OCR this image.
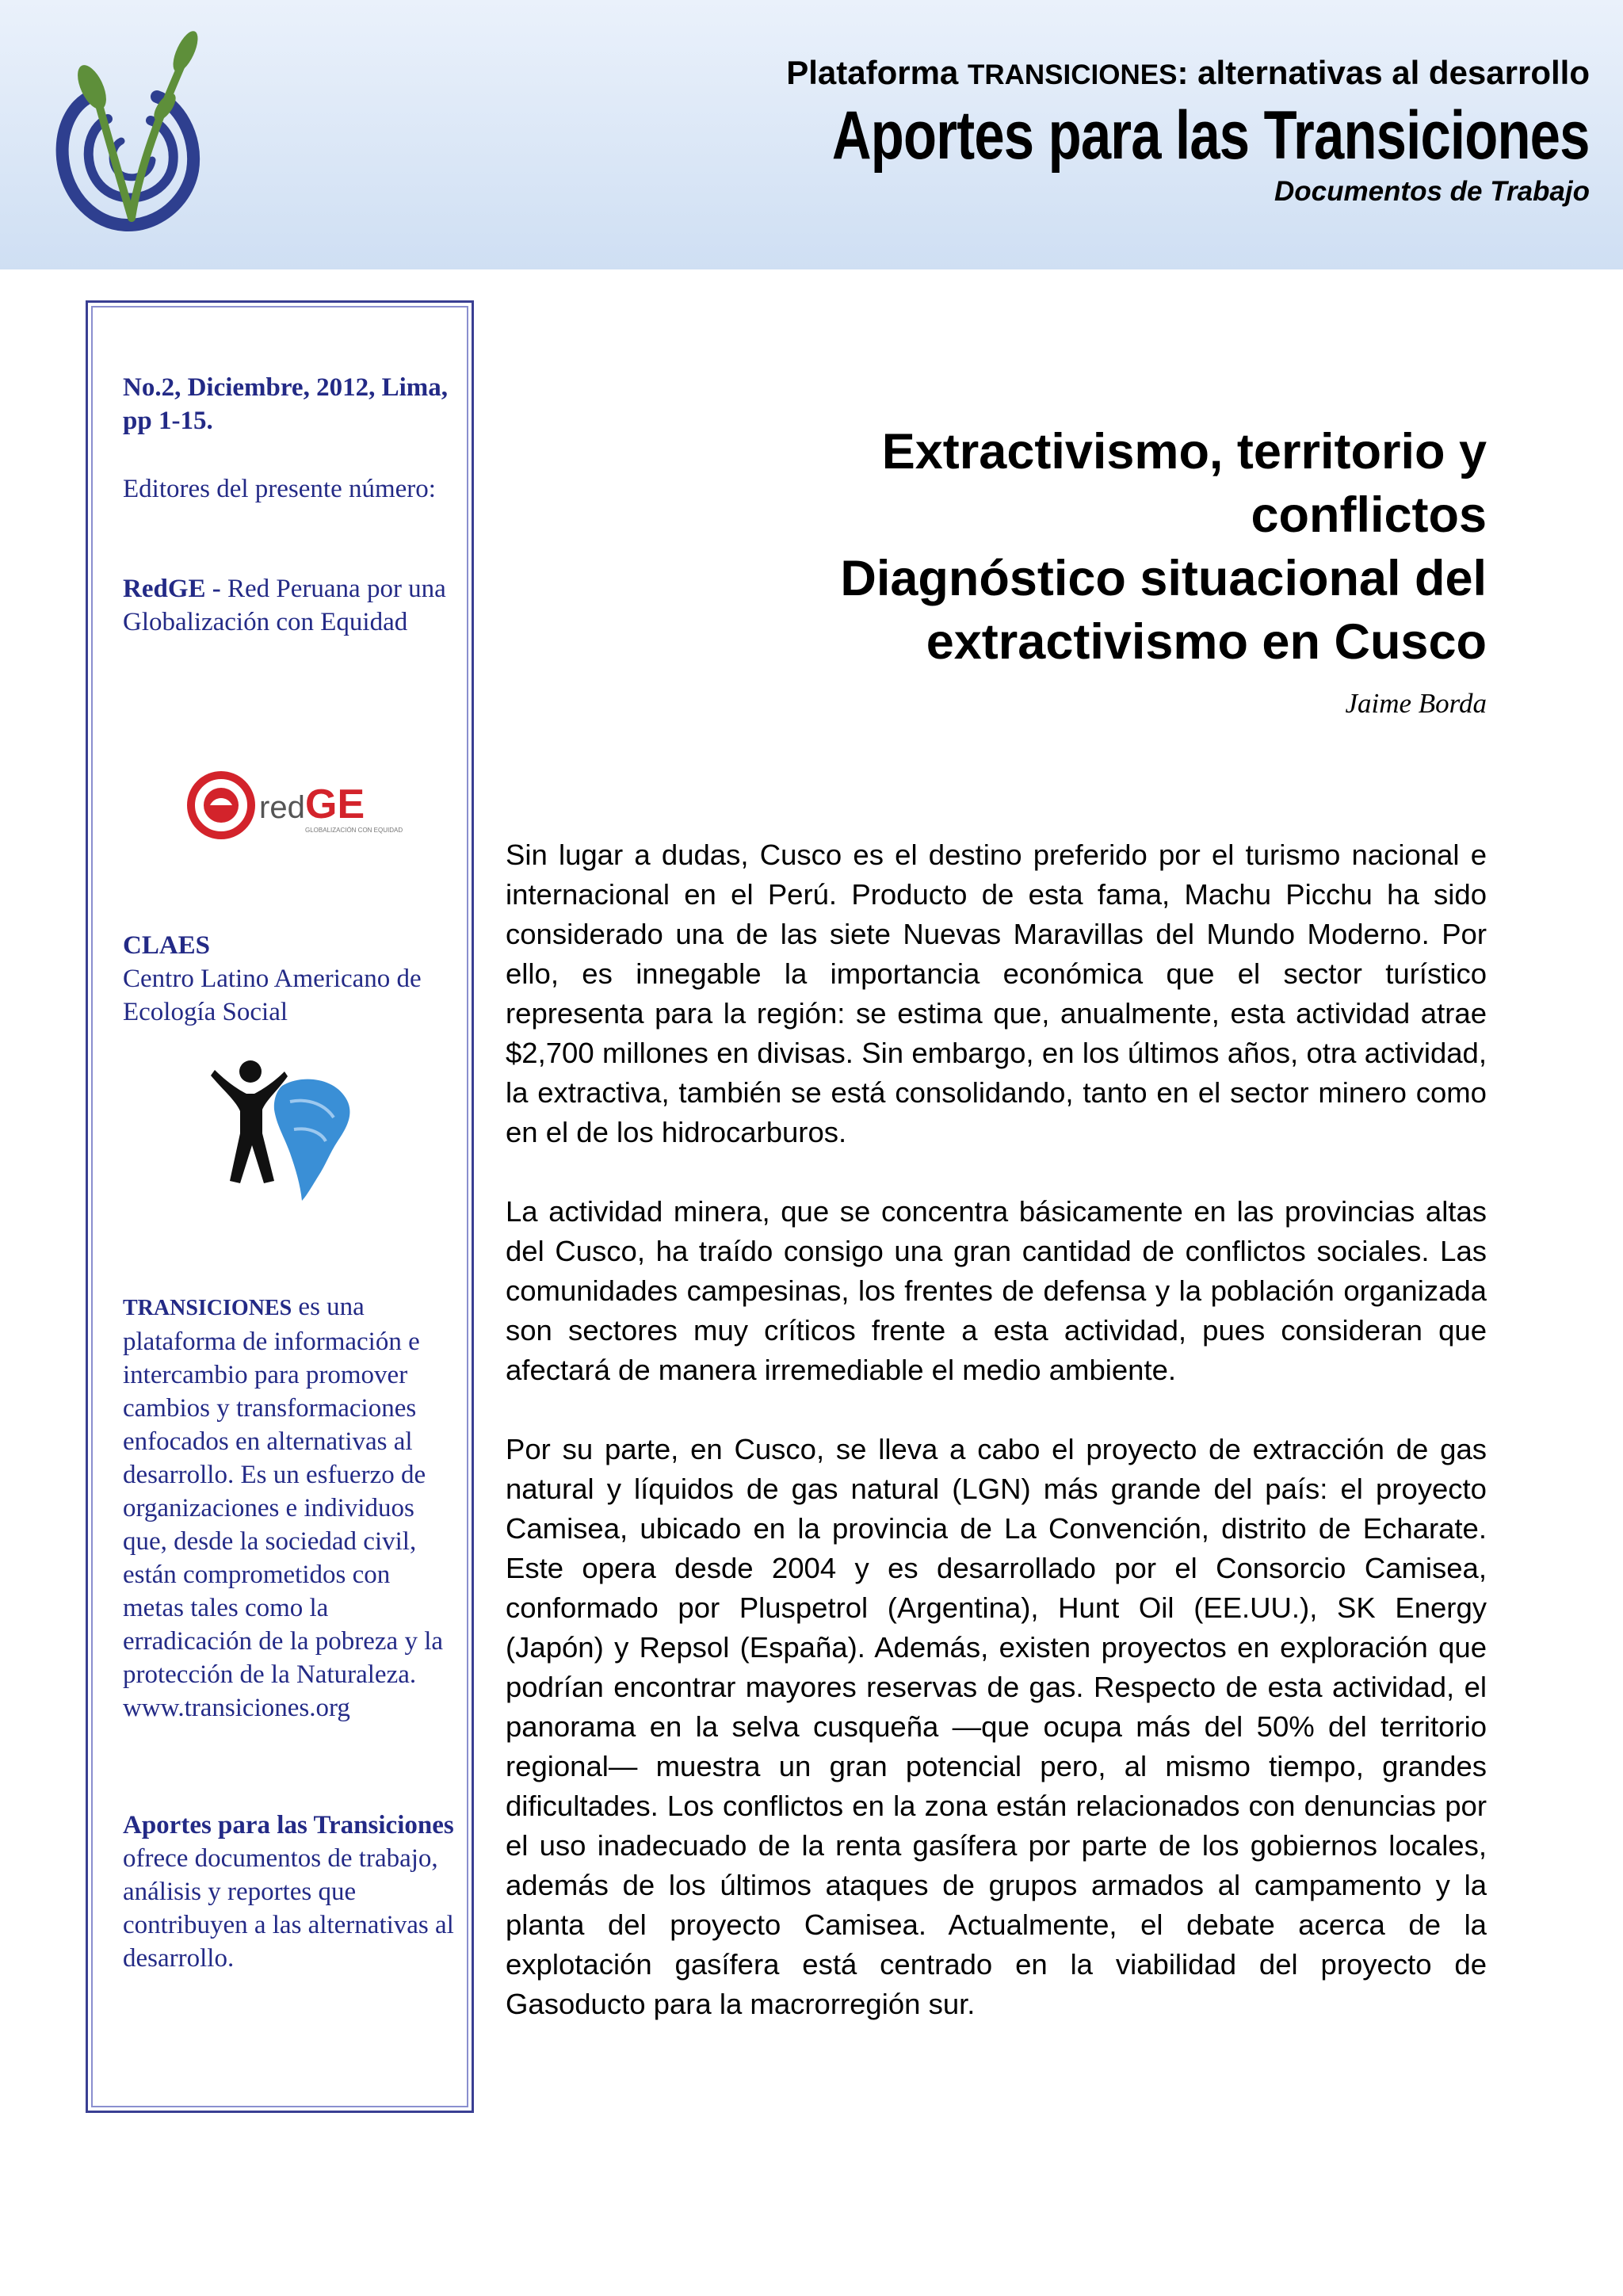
Plataforma TRANSICIONES: alternativas al desarrollo
Aportes para las Transiciones
Documentos de Trabajo

No.2, Diciembre, 2012, Lima, pp 1-15.

Editores del presente número:

RedGE - Red Peruana por una Globalización con Equidad

red GE
GLOBALIZACIÓN CON EQUIDAD

CLAES
Centro Latino Americano de Ecología Social

TRANSICIONES es una plataforma de información e intercambio para promover cambios y transformaciones enfocados en alternativas al desarrollo. Es un esfuerzo de organizaciones e individuos que, desde la sociedad civil, están comprometidos con metas tales como la erradicación de la pobreza y la protección de la Naturaleza. www.transiciones.org

Aportes para las Transiciones ofrece documentos de trabajo, análisis y reportes que contribuyen a las alternativas al desarrollo.

Extractivismo, territorio y
conflictos
Diagnóstico situacional del
extractivismo en Cusco
Jaime Borda

Sin lugar a dudas, Cusco es el destino preferido por el turismo nacional e internacional en el Perú. Producto de esta fama, Machu Picchu ha sido considerado una de las siete Nuevas Maravillas del Mundo Moderno. Por ello, es innegable la importancia económica que el sector turístico representa para la región: se estima que, anualmente, esta actividad atrae $2,700 millones en divisas. Sin embargo, en los últimos años, otra actividad, la extractiva, también se está consolidando, tanto en el sector minero como en el de los hidrocarburos.

La actividad minera, que se concentra básicamente en las provincias altas del Cusco, ha traído consigo una gran cantidad de conflictos sociales. Las comunidades campesinas, los frentes de defensa y la población organizada son sectores muy críticos frente a esta actividad, pues consideran que afectará de manera irremediable el medio ambiente.

Por su parte, en Cusco, se lleva a cabo el proyecto de extracción de gas natural y líquidos de gas natural (LGN) más grande del país: el proyecto Camisea, ubicado en la provincia de La Convención, distrito de Echarate. Este opera desde 2004 y es desarrollado por el Consorcio Camisea, conformado por Pluspetrol (Argentina), Hunt Oil (EE.UU.), SK Energy (Japón) y Repsol (España). Además, existen proyectos en exploración que podrían encontrar mayores reservas de gas. Respecto de esta actividad, el panorama en la selva cusqueña —que ocupa más del 50% del territorio regional— muestra un gran potencial pero, al mismo tiempo, grandes dificultades. Los conflictos en la zona están relacionados con denuncias por el uso inadecuado de la renta gasífera por parte de los gobiernos locales, además de los últimos ataques de grupos armados al campamento y la planta del proyecto Camisea. Actualmente, el debate acerca de la explotación gasífera está centrado en la viabilidad del proyecto de Gasoducto para la macrorregión sur.
